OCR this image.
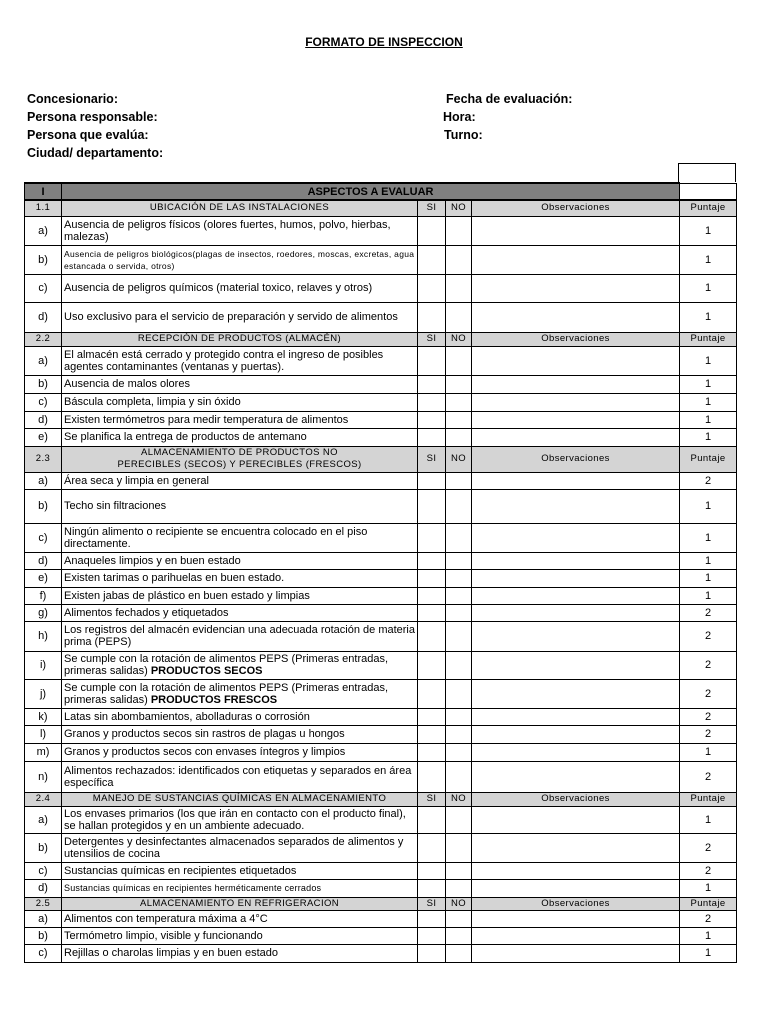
FORMATO DE INSPECCION
Concesionario:
Persona responsable:
Persona que evalúa:
Ciudad/ departamento:
Fecha de evaluación:
Hora:
Turno:
I	ASPECTOS A EVALUAR				
1.1	UBICACIÓN DE LAS INSTALACIONES	SI	NO	Observaciones	Puntaje
a)	Ausencia de peligros físicos (olores fuertes, humos, polvo, hierbas, malezas)				1
b)	Ausencia de peligros biológicos(plagas de insectos, roedores, moscas, excretas, agua estancada o servida, otros)				1
c)	Ausencia de peligros químicos (material toxico, relaves y otros)				1
d)	Uso exclusivo para el servicio de preparación y servido de alimentos				1
2.2	RECEPCIÓN DE PRODUCTOS (ALMACÉN)	SI	NO	Observaciones	Puntaje
a)	El almacén está cerrado y protegido contra el ingreso de posibles agentes contaminantes (ventanas y puertas).				1
b)	Ausencia de malos olores				1
c)	Báscula completa, limpia y sin óxido				1
d)	Existen termómetros para medir temperatura de alimentos				1
e)	Se planifica la entrega de productos de antemano				1
2.3	ALMACENAMIENTO DE PRODUCTOS NO
PERECIBLES (SECOS) Y PERECIBLES (FRESCOS)	SI	NO	Observaciones	Puntaje
a)	Área seca y limpia en general				2
b)	Techo sin filtraciones				1
c)	Ningún alimento o recipiente se encuentra colocado en el piso directamente.				1
d)	Anaqueles limpios y en buen estado				1
e)	Existen tarimas o parihuelas en buen estado.				1
f)	Existen jabas de plástico en buen estado y limpias				1
g)	Alimentos fechados y etiquetados				2
h)	Los registros del almacén evidencian una adecuada rotación de materia prima (PEPS)				2
i)	Se cumple con la rotación de alimentos PEPS (Primeras entradas, primeras salidas) PRODUCTOS SECOS				2
j)	Se cumple con la rotación de alimentos PEPS (Primeras entradas, primeras salidas) PRODUCTOS FRESCOS				2
k)	Latas sin abombamientos, abolladuras o corrosión				2
l)	Granos y productos secos sin rastros de plagas u hongos				2
m)	Granos y productos secos con envases íntegros y limpios				1
n)	Alimentos rechazados: identificados con etiquetas y separados en área específica				2
2.4	MANEJO DE SUSTANCIAS QUÍMICAS EN ALMACENAMIENTO	SI	NO	Observaciones	Puntaje
a)	Los envases primarios (los que irán en contacto con el producto final), se hallan protegidos y en un ambiente adecuado.				1
b)	Detergentes y desinfectantes almacenados separados de alimentos y utensilios de cocina				2
c)	Sustancias químicas en recipientes etiquetados				2
d)	Sustancias químicas en recipientes herméticamente cerrados				1
2.5	ALMACENAMIENTO EN REFRIGERACION	SI	NO	Observaciones	Puntaje
a)	Alimentos con temperatura máxima a 4°C				2
b)	Termómetro limpio, visible y funcionando				1
c)	Rejillas o charolas limpias y en buen estado				1
